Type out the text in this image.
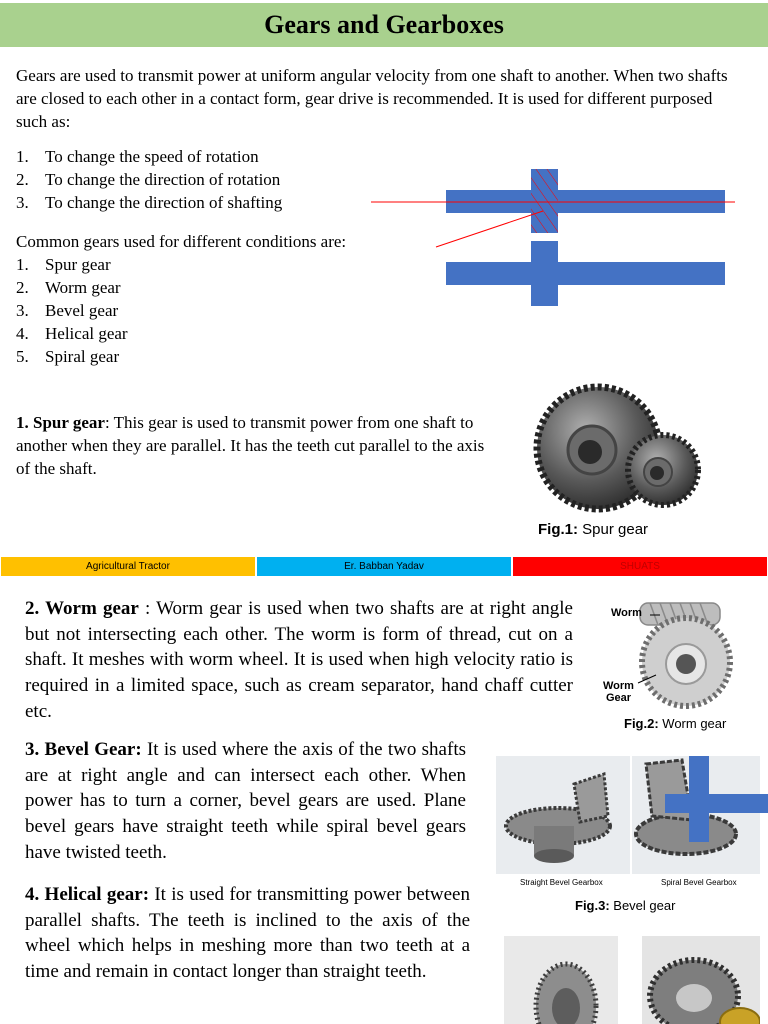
Gears and Gearboxes
Gears are used to transmit power at uniform angular velocity from one shaft to another. When two shafts are closed to each other in a contact form, gear drive is recommended. It is used for different purposed such as:
1. To change the speed of rotation
2. To change the direction of rotation
3. To change the direction of shafting
Common gears used for different conditions are:
1. Spur gear
2. Worm gear
3. Bevel gear
4. Helical gear
5. Spiral gear
1. Spur gear: This gear is used to transmit power from one shaft to another when they are parallel. It has the teeth cut parallel to the axis of the shaft.
Fig.1: Spur gear
Agricultural Tractor	Er. Babban Yadav	SHUATS
2. Worm gear : Worm gear is used when two shafts are at right angle but not intersecting each other. The worm is form of thread, cut on a shaft. It meshes with worm wheel. It is used when high velocity ratio is required in a limited space, such as cream separator, hand chaff cutter etc.
Worm
Worm
Gear
Fig.2: Worm gear
3. Bevel Gear: It is used where the axis of the two shafts are at right angle and can intersect each other. When power has to turn a corner, bevel gears are used. Plane bevel gears have straight teeth while spiral bevel gears have twisted teeth.
Straight Bevel Gearbox	Spiral Bevel Gearbox
Fig.3: Bevel gear
4. Helical gear: It is used for transmitting power between parallel shafts. The teeth is inclined to the axis of the wheel which helps in meshing more than two teeth at a time and remain in contact longer than straight teeth.
